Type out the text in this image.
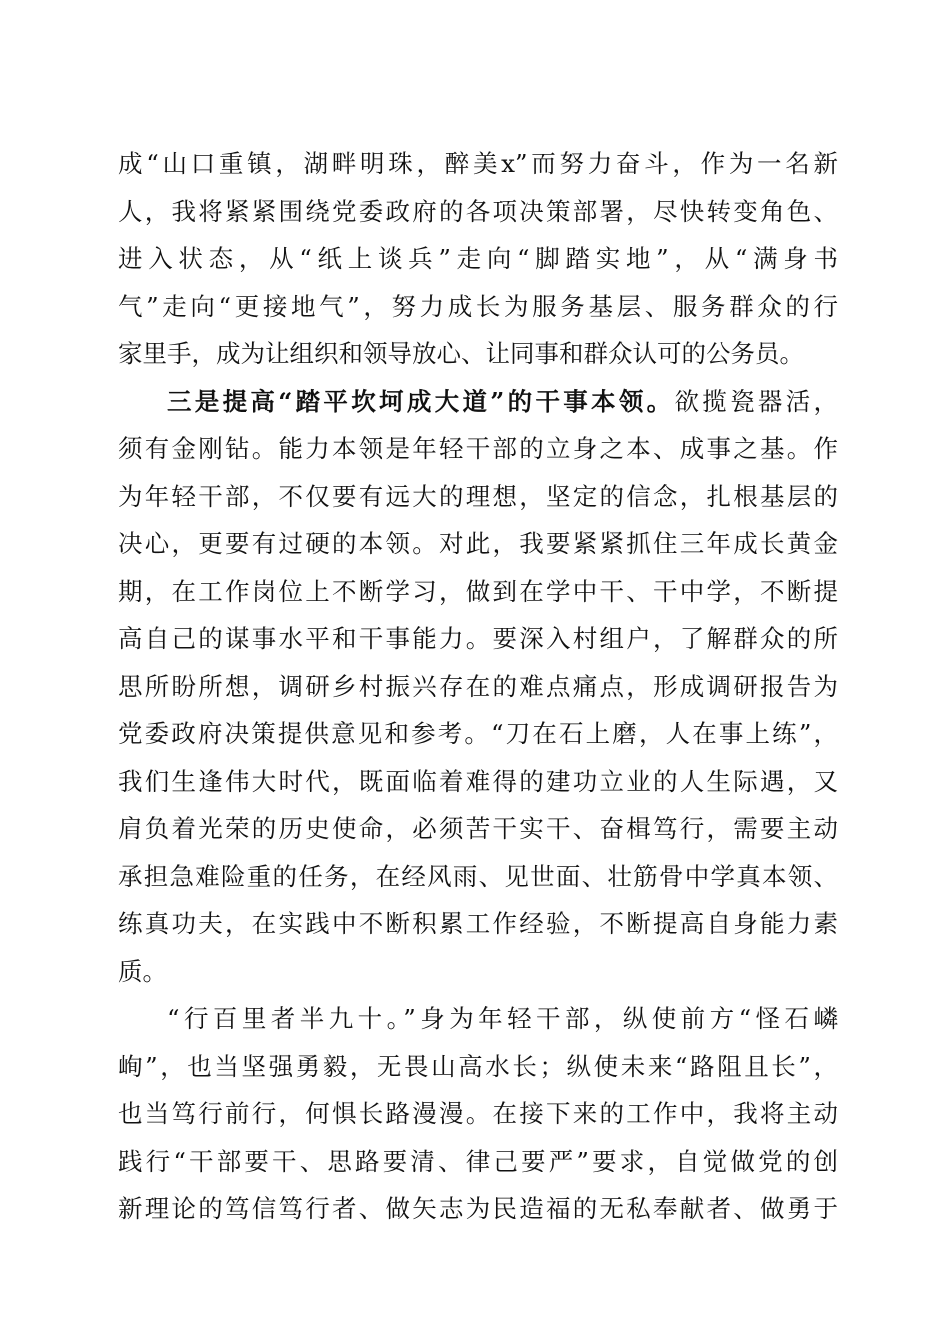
成“山口重镇，湖畔明珠，醉美x”而努力奋斗，作为一名新
人，我将紧紧围绕党委政府的各项决策部署，尽快转变角色、
进入状态，从“纸上谈兵”走向“脚踏实地”，从“满身书
气”走向“更接地气”，努力成长为服务基层、服务群众的行
家里手，成为让组织和领导放心、让同事和群众认可的公务员。
三是提高“踏平坎坷成大道”的干事本领。欲揽瓷器活，
须有金刚钻。能力本领是年轻干部的立身之本、成事之基。作
为年轻干部，不仅要有远大的理想，坚定的信念，扎根基层的
决心，更要有过硬的本领。对此，我要紧紧抓住三年成长黄金
期，在工作岗位上不断学习，做到在学中干、干中学，不断提
高自己的谋事水平和干事能力。要深入村组户，了解群众的所
思所盼所想，调研乡村振兴存在的难点痛点，形成调研报告为
党委政府决策提供意见和参考。“刀在石上磨，人在事上练”，
我们生逢伟大时代，既面临着难得的建功立业的人生际遇，又
肩负着光荣的历史使命，必须苦干实干、奋楫笃行，需要主动
承担急难险重的任务，在经风雨、见世面、壮筋骨中学真本领、
练真功夫，在实践中不断积累工作经验，不断提高自身能力素
质。
“行百里者半九十。”身为年轻干部，纵使前方“怪石嶙
峋”，也当坚强勇毅，无畏山高水长；纵使未来“路阻且长”，
也当笃行前行，何惧长路漫漫。在接下来的工作中，我将主动
践行“干部要干、思路要清、律己要严”要求，自觉做党的创
新理论的笃信笃行者、做矢志为民造福的无私奉献者、做勇于
